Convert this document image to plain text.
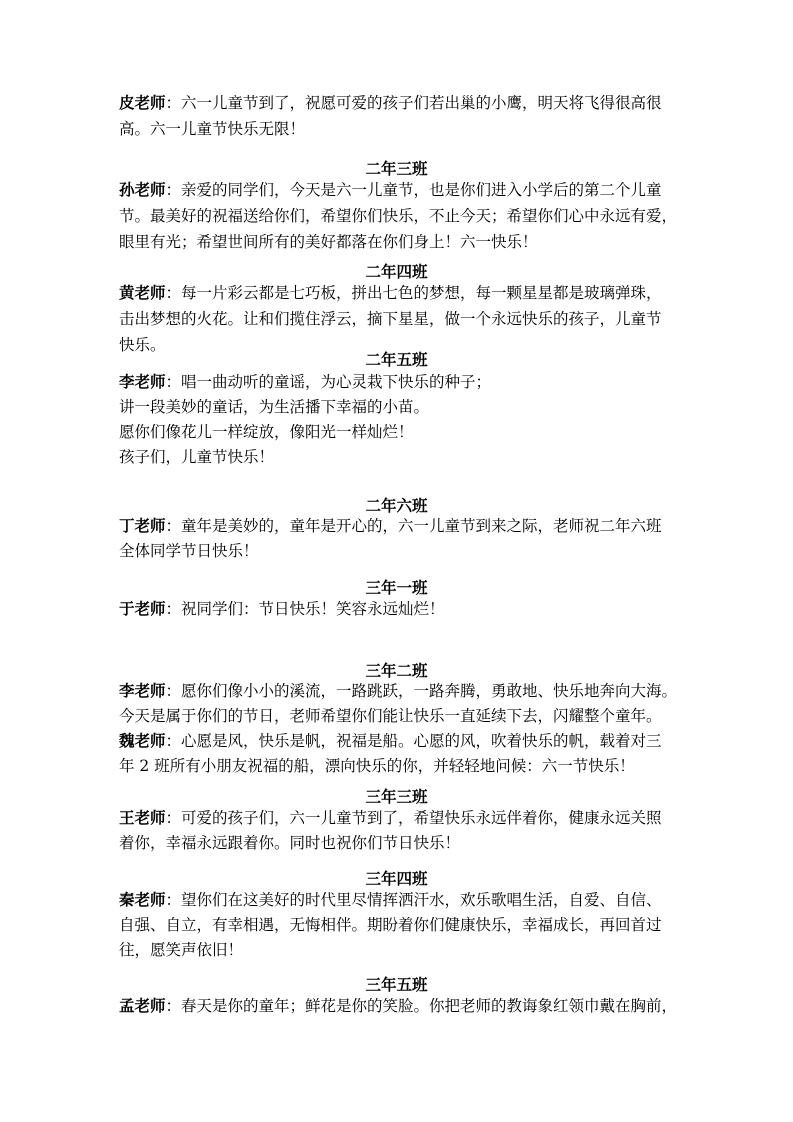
皮老师：六一儿童节到了，祝愿可爱的孩子们若出巢的小鹰，明天将飞得很高很
高。六一儿童节快乐无限！
二年三班
孙老师：亲爱的同学们，今天是六一儿童节，也是你们进入小学后的第二个儿童
节。最美好的祝福送给你们，希望你们快乐，不止今天；希望你们心中永远有爱，
眼里有光；希望世间所有的美好都落在你们身上！六一快乐！
二年四班
黄老师：每一片彩云都是七巧板，拼出七色的梦想，每一颗星星都是玻璃弹珠，
击出梦想的火花。让和们揽住浮云，摘下星星，做一个永远快乐的孩子，儿童节
快乐。
二年五班
李老师：唱一曲动听的童谣，为心灵栽下快乐的种子；
讲一段美妙的童话，为生活播下幸福的小苗。
愿你们像花儿一样绽放，像阳光一样灿烂！
孩子们，儿童节快乐！
二年六班
丁老师：童年是美妙的，童年是开心的，六一儿童节到来之际，老师祝二年六班
全体同学节日快乐！
三年一班
于老师：祝同学们：节日快乐！笑容永远灿烂！
三年二班
李老师：愿你们像小小的溪流，一路跳跃，一路奔腾，勇敢地、快乐地奔向大海。
今天是属于你们的节日，老师希望你们能让快乐一直延续下去，闪耀整个童年。
魏老师：心愿是风，快乐是帆，祝福是船。心愿的风，吹着快乐的帆，载着对三
年 2 班所有小朋友祝福的船，漂向快乐的你，并轻轻地问候：六一节快乐！
三年三班
王老师：可爱的孩子们，六一儿童节到了，希望快乐永远伴着你，健康永远关照
着你，幸福永远跟着你。同时也祝你们节日快乐！
三年四班
秦老师：望你们在这美好的时代里尽情挥洒汗水，欢乐歌唱生活，自爱、自信、
自强、自立，有幸相遇，无悔相伴。期盼着你们健康快乐，幸福成长，再回首过
往，愿笑声依旧！
三年五班
孟老师：春天是你的童年；鲜花是你的笑脸。你把老师的教诲象红领巾戴在胸前，
